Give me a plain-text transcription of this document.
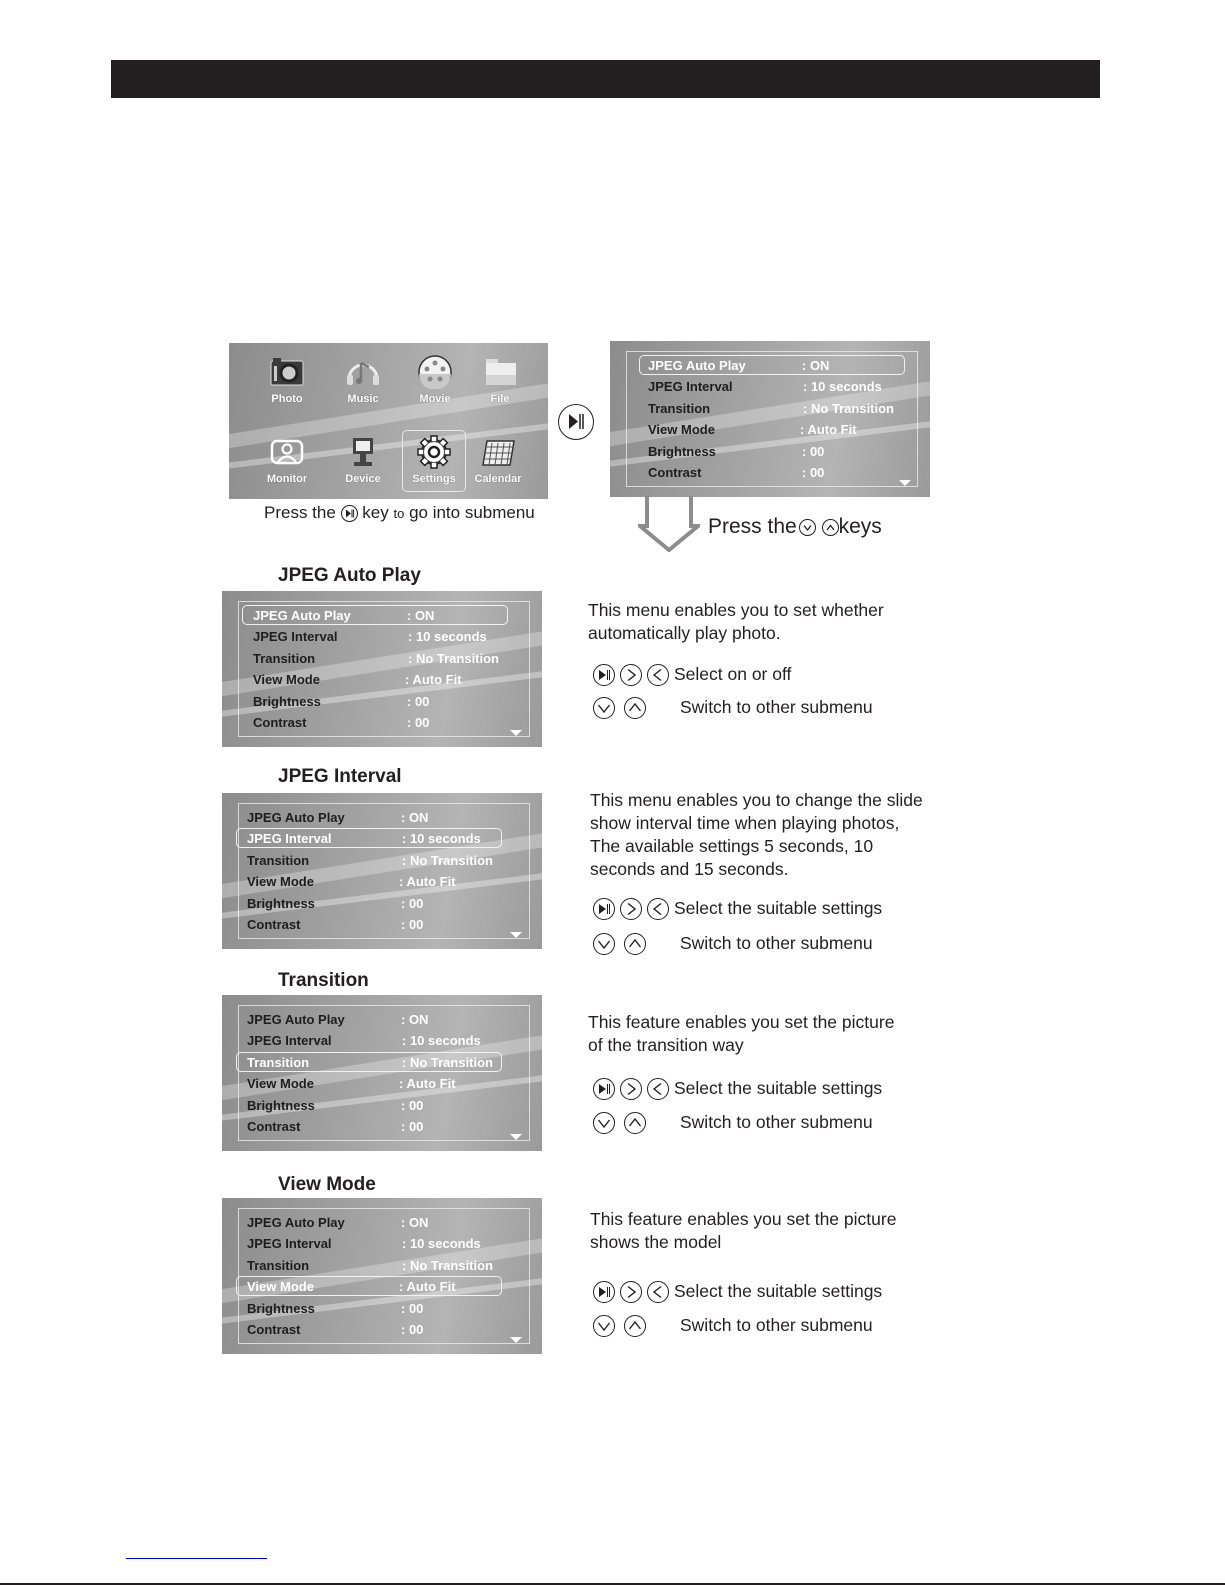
Photo	Music	Movie	File
Monitor	Device	Settings	Calendar
Press the key to go into submenu
JPEG Auto Play	: ON
JPEG Interval	: 10 seconds
Transition	: No Transition
View Mode	: Auto Fit
Brightness	: 00
Contrast	: 00
Press the
keys
JPEG Auto Play
JPEG Auto Play	: ON
JPEG Interval	: 10 seconds
Transition	: No Transition
View Mode	: Auto Fit
Brightness	: 00
Contrast	: 00
This menu enables you to set whether
automatically play photo.
Select on or off
Switch to other submenu
JPEG Interval
JPEG Auto Play	: ON
JPEG Interval	: 10 seconds
Transition	: No Transition
View Mode	: Auto Fit
Brightness	: 00
Contrast	: 00
This menu enables you to change the slide
show interval time when playing photos,
The available settings 5 seconds, 10
seconds and 15 seconds.
Select the suitable settings
Switch to other submenu
Transition
JPEG Auto Play	: ON
JPEG Interval	: 10 seconds
Transition	: No Transition
View Mode	: Auto Fit
Brightness	: 00
Contrast	: 00
This feature enables you set the picture
of the transition way
Select the suitable settings
Switch to other submenu
View Mode
JPEG Auto Play	: ON
JPEG Interval	: 10 seconds
Transition	: No Transition
View Mode	: Auto Fit
Brightness	: 00
Contrast	: 00
This feature enables you set the picture
shows the model
Select the suitable settings
Switch to other submenu
